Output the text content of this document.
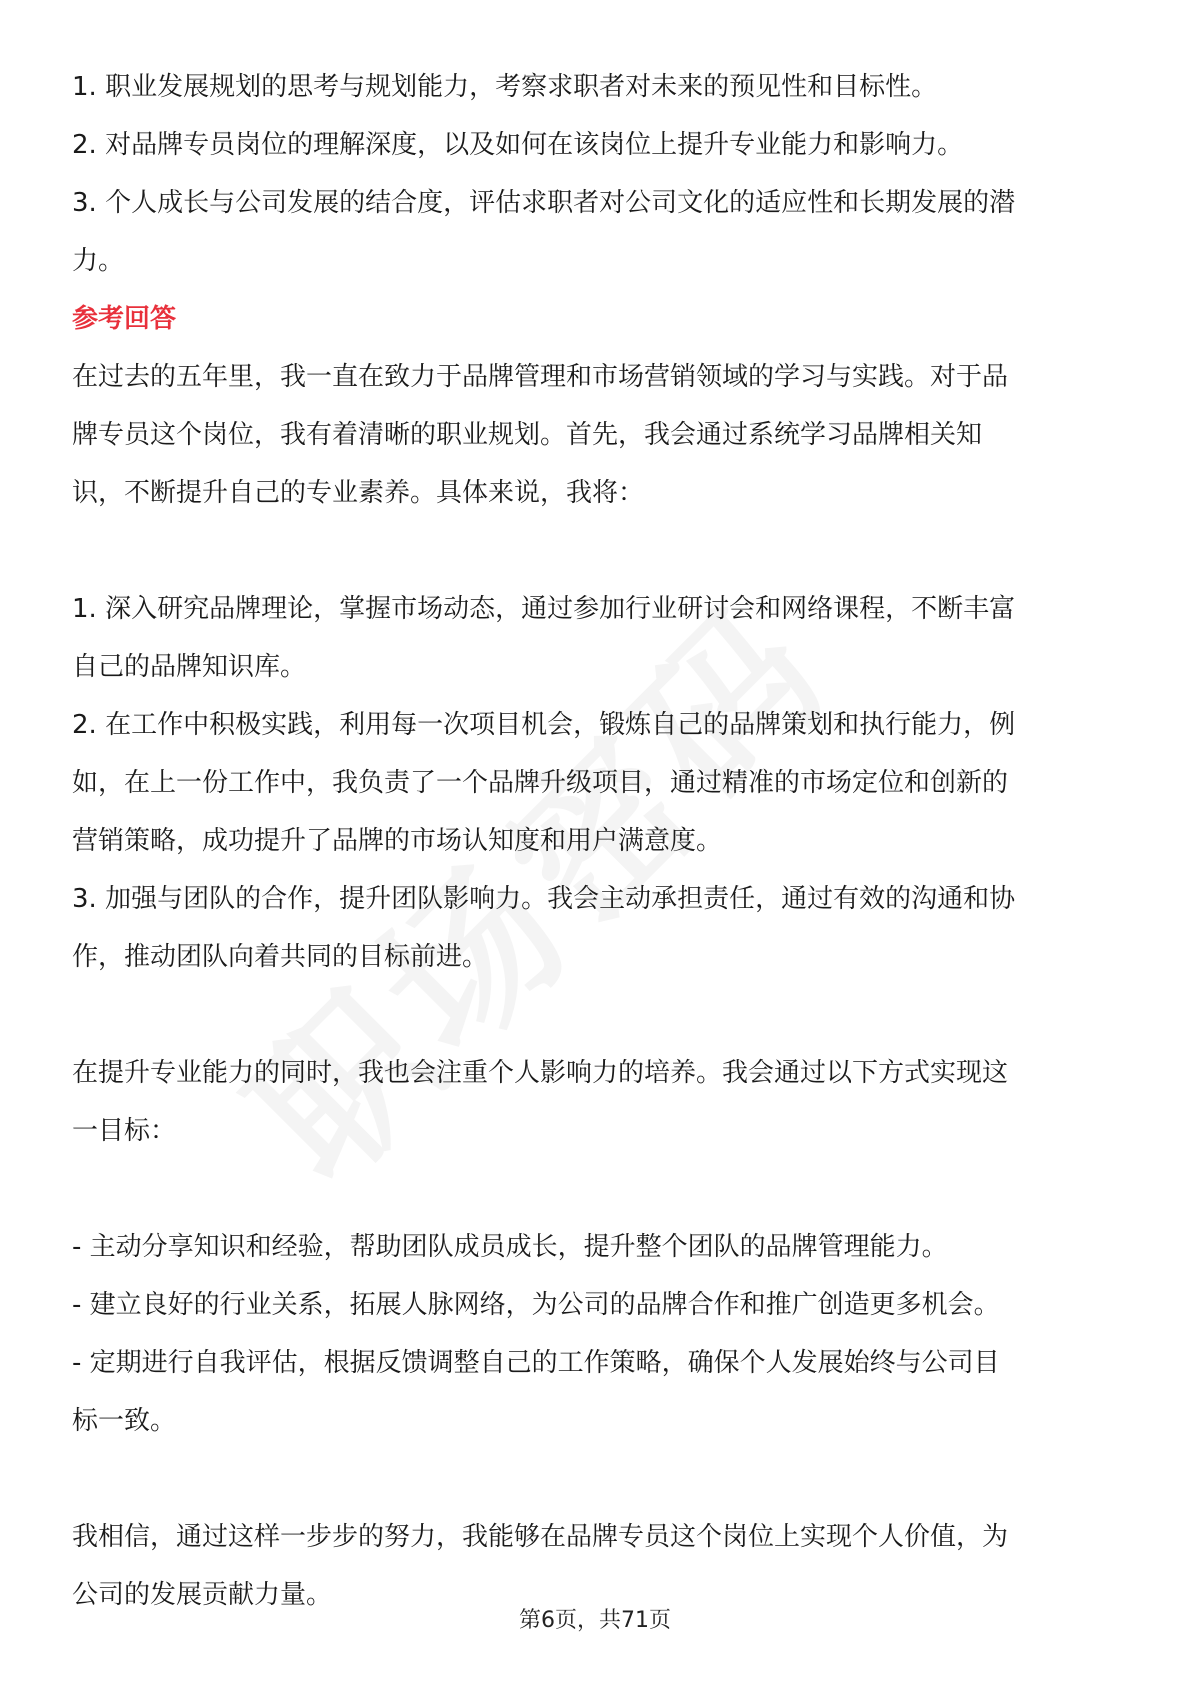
1. 职业发展规划的思考与规划能力，考察求职者对未来的预见性和目标性。
2. 对品牌专员岗位的理解深度，以及如何在该岗位上提升专业能力和影响力。
3. 个人成长与公司发展的结合度，评估求职者对公司文化的适应性和长期发展的潜
力。
参考回答
在过去的五年里，我一直在致力于品牌管理和市场营销领域的学习与实践。对于品
牌专员这个岗位，我有着清晰的职业规划。首先，我会通过系统学习品牌相关知
识，不断提升自己的专业素养。具体来说，我将：
1. 深入研究品牌理论，掌握市场动态，通过参加行业研讨会和网络课程，不断丰富
自己的品牌知识库。
2. 在工作中积极实践，利用每一次项目机会，锻炼自己的品牌策划和执行能力，例
如，在上一份工作中，我负责了一个品牌升级项目，通过精准的市场定位和创新的
营销策略，成功提升了品牌的市场认知度和用户满意度。
3. 加强与团队的合作，提升团队影响力。我会主动承担责任，通过有效的沟通和协
作，推动团队向着共同的目标前进。
在提升专业能力的同时，我也会注重个人影响力的培养。我会通过以下方式实现这
一目标：
- 主动分享知识和经验，帮助团队成员成长，提升整个团队的品牌管理能力。
- 建立良好的行业关系，拓展人脉网络，为公司的品牌合作和推广创造更多机会。
- 定期进行自我评估，根据反馈调整自己的工作策略，确保个人发展始终与公司目
标一致。
我相信，通过这样一步步的努力，我能够在品牌专员这个岗位上实现个人价值，为
公司的发展贡献力量。
第6页，共71页
